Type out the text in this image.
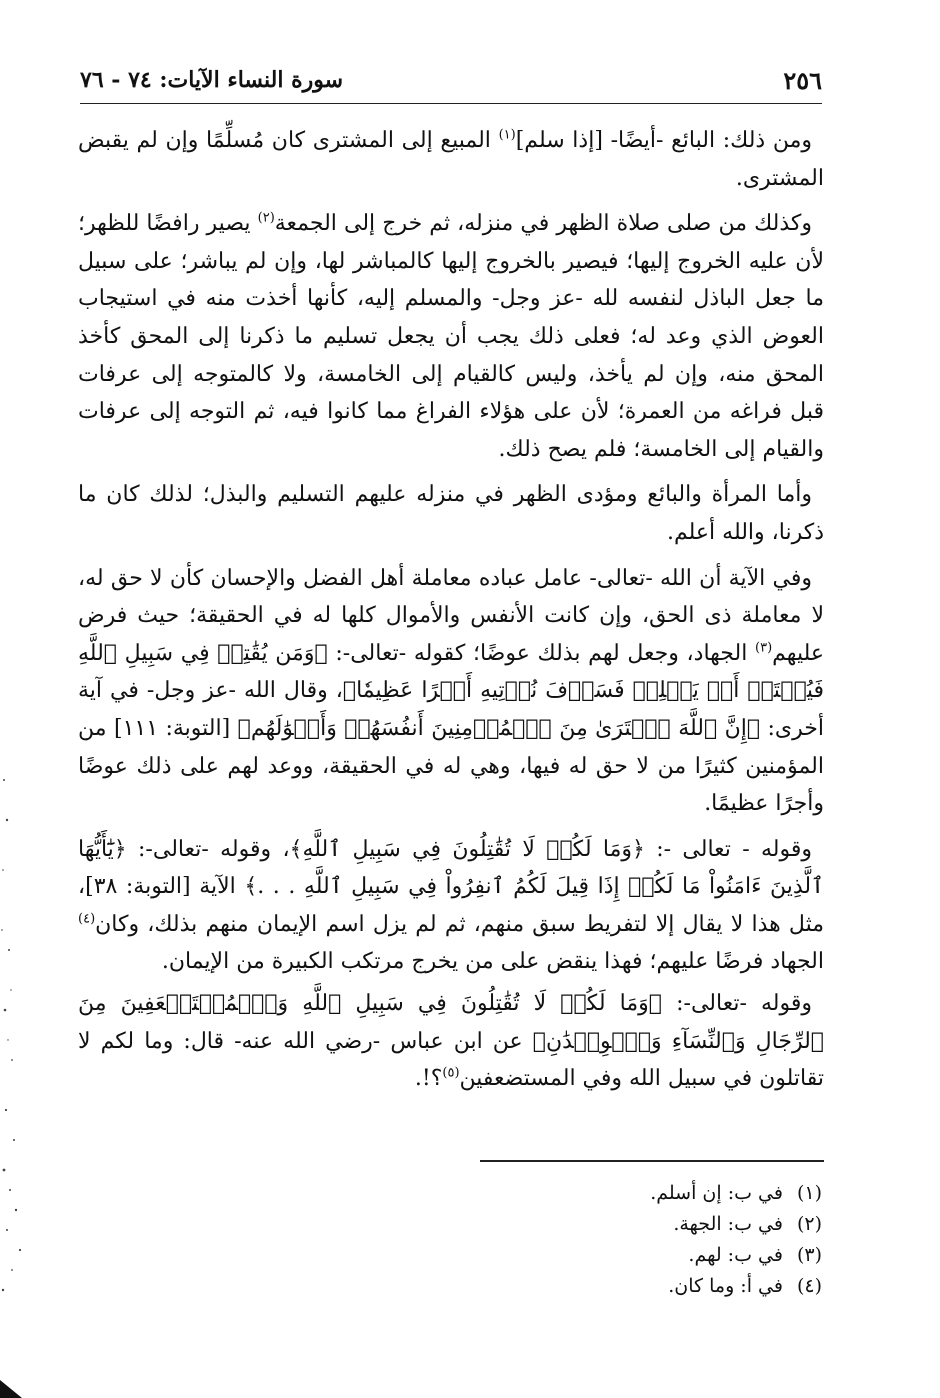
٢٥٦
سورة النساء الآيات: ٧٤ - ٧٦

ومن ذلك: البائع -أيضًا- [إذا سلم]$^{(١)}$ المبيع إلى المشترى كان مُسلِّمًا وإن لم يقبض المشترى.

وكذلك من صلى صلاة الظهر في منزله، ثم خرج إلى الجمعة$^{(٢)}$ يصير رافضًا للظهر؛ لأن عليه الخروج إليها؛ فيصير بالخروج إليها كالمباشر لها، وإن لم يباشر؛ على سبيل ما جعل الباذل لنفسه لله -عز وجل- والمسلم إليه، كأنها أخذت منه في استيجاب العوض الذي وعد له؛ فعلى ذلك يجب أن يجعل تسليم ما ذكرنا إلى المحق كأخذ المحق منه، وإن لم يأخذ، وليس كالقيام إلى الخامسة، ولا كالمتوجه إلى عرفات قبل فراغه من العمرة؛ لأن على هؤلاء الفراغ مما كانوا فيه، ثم التوجه إلى عرفات والقيام إلى الخامسة؛ فلم يصح ذلك.

وأما المرأة والبائع ومؤدى الظهر في منزله عليهم التسليم والبذل؛ لذلك كان ما ذكرنا، والله أعلم.

وفي الآية أن الله -تعالى- عامل عباده معاملة أهل الفضل والإحسان كأن لا حق له، لا معاملة ذى الحق، وإن كانت الأنفس والأموال كلها له في الحقيقة؛ حيث فرض عليهم$^{(٣)}$ الجهاد، وجعل لهم بذلك عوضًا؛ كقوله -تعالى-: ﴿وَمَن يُقَٰتِلۡ فِي سَبِيلِ ٱللَّهِ فَيُقۡتَلۡ أَوۡ يَغۡلِبۡ فَسَوۡفَ نُؤۡتِيهِ أَجۡرًا عَظِيمٗا﴾، وقال الله -عز وجل- في آية أخرى: ﴿إِنَّ ٱللَّهَ ٱشۡتَرَىٰ مِنَ ٱلۡمُؤۡمِنِينَ أَنفُسَهُمۡ وَأَمۡوَٰلَهُم﴾ [التوبة: ١١١] من المؤمنين كثيرًا من لا حق له فيها، وهي له في الحقيقة، ووعد لهم على ذلك عوضًا وأجرًا عظيمًا.

وقوله - تعالى -: ﴿وَمَا لَكُمۡ لَا تُقَٰتِلُونَ فِي سَبِيلِ ٱللَّهِ﴾، وقوله -تعالى-: ﴿يَٰٓأَيُّهَا ٱلَّذِينَ ءَامَنُواْ مَا لَكُمۡ إِذَا قِيلَ لَكُمُ ٱنفِرُواْ فِي سَبِيلِ ٱللَّهِ . . .﴾ الآية [التوبة: ٣٨]، مثل هذا لا يقال إلا لتفريط سبق منهم، ثم لم يزل اسم الإيمان منهم بذلك، وكان$^{(٤)}$ الجهاد فرضًا عليهم؛ فهذا ينقض على من يخرج مرتكب الكبيرة من الإيمان.

وقوله -تعالى-: ﴿وَمَا لَكُمۡ لَا تُقَٰتِلُونَ فِي سَبِيلِ ٱللَّهِ وَٱلۡمُسۡتَضۡعَفِينَ مِنَ ٱلرِّجَالِ وَٱلنِّسَآءِ وَٱلۡوِلۡدَٰنِ﴾ عن ابن عباس -رضي الله عنه- قال: وما لكم لا تقاتلون في سبيل الله وفي المستضعفين$^{(٥)}$؟!.

(١)
في ب: إن أسلم.
(٢)
في ب: الجهة.
(٣)
في ب: لهم.
(٤)
في أ: وما كان.
